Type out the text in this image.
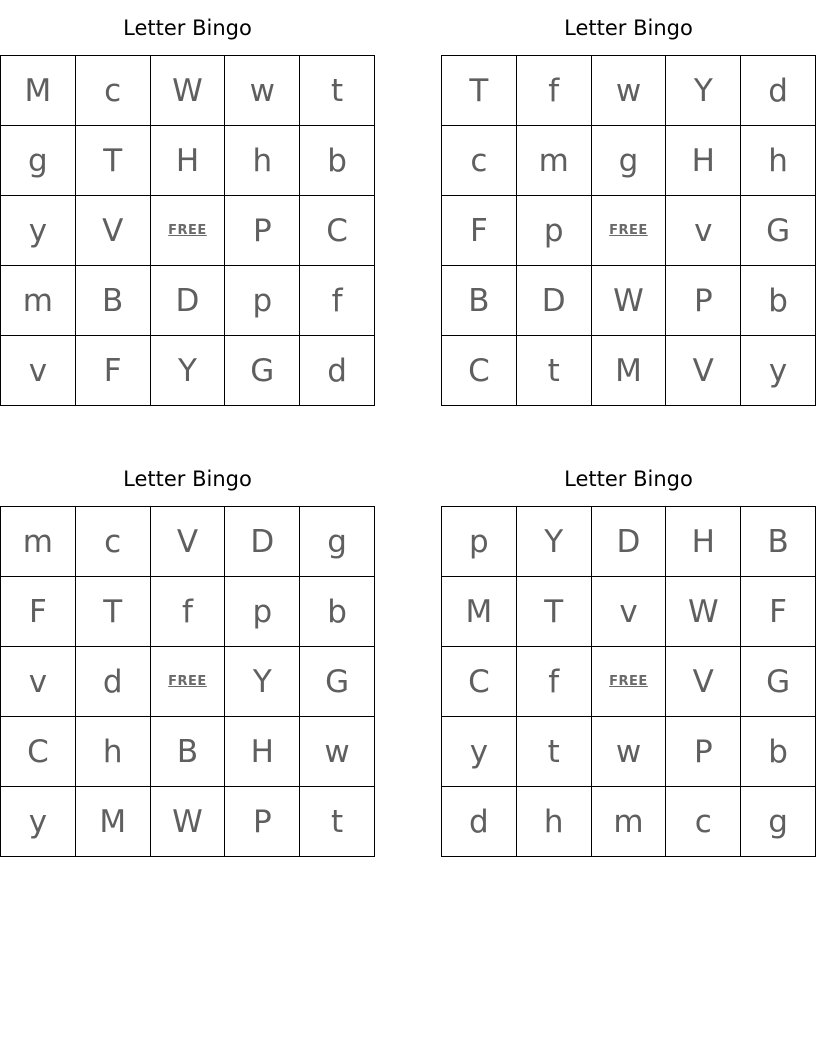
Letter Bingo
M	c	W	w	t
g	T	H	h	b
y	V	FREE	P	C
m	B	D	p	f
v	F	Y	G	d
Letter Bingo
T	f	w	Y	d
c	m	g	H	h
F	p	FREE	v	G
B	D	W	P	b
C	t	M	V	y
Letter Bingo
m	c	V	D	g
F	T	f	p	b
v	d	FREE	Y	G
C	h	B	H	w
y	M	W	P	t
Letter Bingo
p	Y	D	H	B
M	T	v	W	F
C	f	FREE	V	G
y	t	w	P	b
d	h	m	c	g
